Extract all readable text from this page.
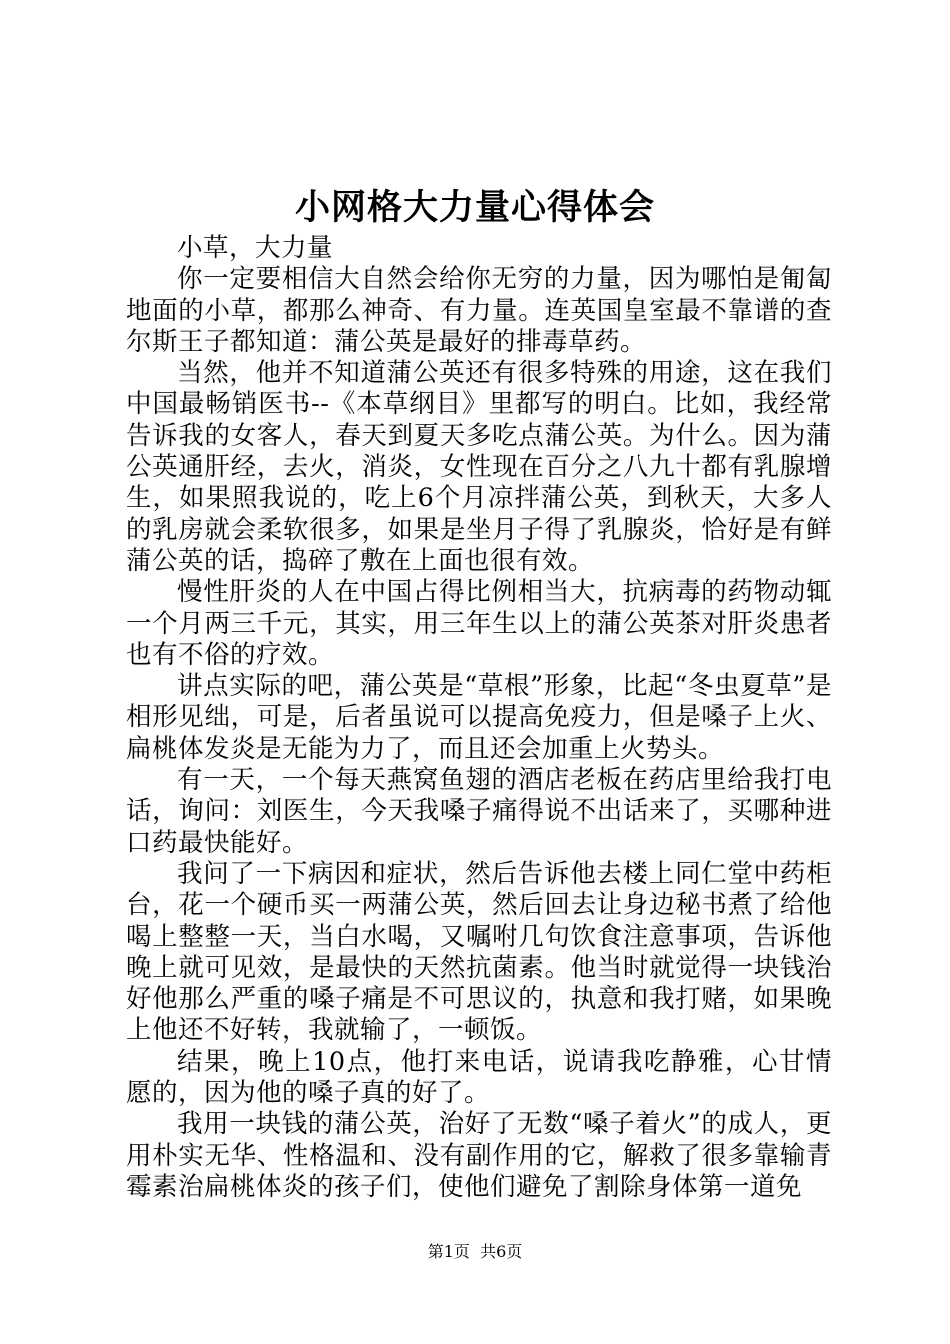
小网格大力量心得体会

小草，大力量

你一定要相信大自然会给你无穷的力量，因为哪怕是匍匐地面的小草，都那么神奇、有力量。连英国皇室最不靠谱的查尔斯王子都知道：蒲公英是最好的排毒草药。

当然，他并不知道蒲公英还有很多特殊的用途，这在我们中国最畅销医书--《本草纲目》里都写的明白。比如，我经常告诉我的女客人，春天到夏天多吃点蒲公英。为什么。因为蒲公英通肝经，去火，消炎，女性现在百分之八九十都有乳腺增生，如果照我说的，吃上6个月凉拌蒲公英，到秋天，大多人的乳房就会柔软很多，如果是坐月子得了乳腺炎，恰好是有鲜蒲公英的话，捣碎了敷在上面也很有效。

慢性肝炎的人在中国占得比例相当大，抗病毒的药物动辄一个月两三千元，其实，用三年生以上的蒲公英茶对肝炎患者也有不俗的疗效。

讲点实际的吧，蒲公英是“草根”形象，比起“冬虫夏草”是相形见绌，可是，后者虽说可以提高免疫力，但是嗓子上火、扁桃体发炎是无能为力了，而且还会加重上火势头。

有一天，一个每天燕窝鱼翅的酒店老板在药店里给我打电话，询问：刘医生，今天我嗓子痛得说不出话来了，买哪种进口药最快能好。

我问了一下病因和症状，然后告诉他去楼上同仁堂中药柜台，花一个硬币买一两蒲公英，然后回去让身边秘书煮了给他喝上整整一天，当白水喝，又嘱咐几句饮食注意事项，告诉他晚上就可见效，是最快的天然抗菌素。他当时就觉得一块钱治好他那么严重的嗓子痛是不可思议的，执意和我打赌，如果晚上他还不好转，我就输了，一顿饭。

结果，晚上10点，他打来电话，说请我吃静雅，心甘情愿的，因为他的嗓子真的好了。

我用一块钱的蒲公英，治好了无数“嗓子着火”的成人，更用朴实无华、性格温和、没有副作用的它，解救了很多靠输青霉素治扁桃体炎的孩子们，使他们避免了割除身体第一道免

第1页  共6页
